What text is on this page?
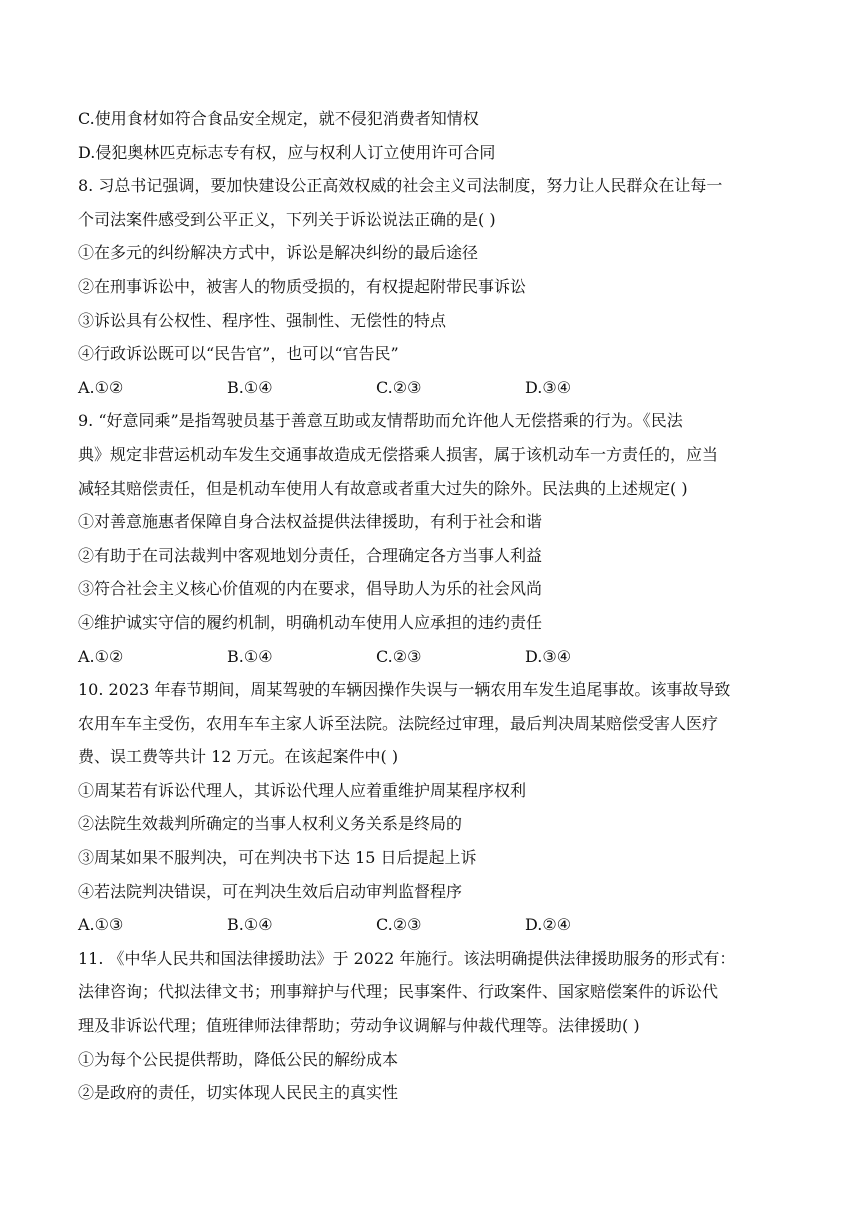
C.使用食材如符合食品安全规定，就不侵犯消费者知情权
D.侵犯奥林匹克标志专有权，应与权利人订立使用许可合同
8. 习总书记强调，要加快建设公正高效权威的社会主义司法制度，努力让人民群众在让每一
个司法案件感受到公平正义，下列关于诉讼说法正确的是( )
①在多元的纠纷解决方式中，诉讼是解决纠纷的最后途径
②在刑事诉讼中，被害人的物质受损的，有权提起附带民事诉讼
③诉讼具有公权性、程序性、强制性、无偿性的特点
④行政诉讼既可以“民告官”，也可以“官告民”
A.①②	B.①④	C.②③	D.③④
9. “好意同乘”是指驾驶员基于善意互助或友情帮助而允许他人无偿搭乘的行为。《民法
典》规定非营运机动车发生交通事故造成无偿搭乘人损害，属于该机动车一方责任的，应当
减轻其赔偿责任，但是机动车使用人有故意或者重大过失的除外。民法典的上述规定( )
①对善意施惠者保障自身合法权益提供法律援助，有利于社会和谐
②有助于在司法裁判中客观地划分责任，合理确定各方当事人利益
③符合社会主义核心价值观的内在要求，倡导助人为乐的社会风尚
④维护诚实守信的履约机制，明确机动车使用人应承担的违约责任
A.①②	B.①④	C.②③	D.③④
10. 2023 年春节期间，周某驾驶的车辆因操作失误与一辆农用车发生追尾事故。该事故导致
农用车车主受伤，农用车车主家人诉至法院。法院经过审理，最后判决周某赔偿受害人医疗
费、误工费等共计 12 万元。在该起案件中( )
①周某若有诉讼代理人，其诉讼代理人应着重维护周某程序权利
②法院生效裁判所确定的当事人权利义务关系是终局的
③周某如果不服判决，可在判决书下达 15 日后提起上诉
④若法院判决错误，可在判决生效后启动审判监督程序
A.①③	B.①④	C.②③	D.②④
11. 《中华人民共和国法律援助法》于 2022 年施行。该法明确提供法律援助服务的形式有：
法律咨询；代拟法律文书；刑事辩护与代理；民事案件、行政案件、国家赔偿案件的诉讼代
理及非诉讼代理；值班律师法律帮助；劳动争议调解与仲裁代理等。法律援助( )
①为每个公民提供帮助，降低公民的解纷成本
②是政府的责任，切实体现人民民主的真实性
